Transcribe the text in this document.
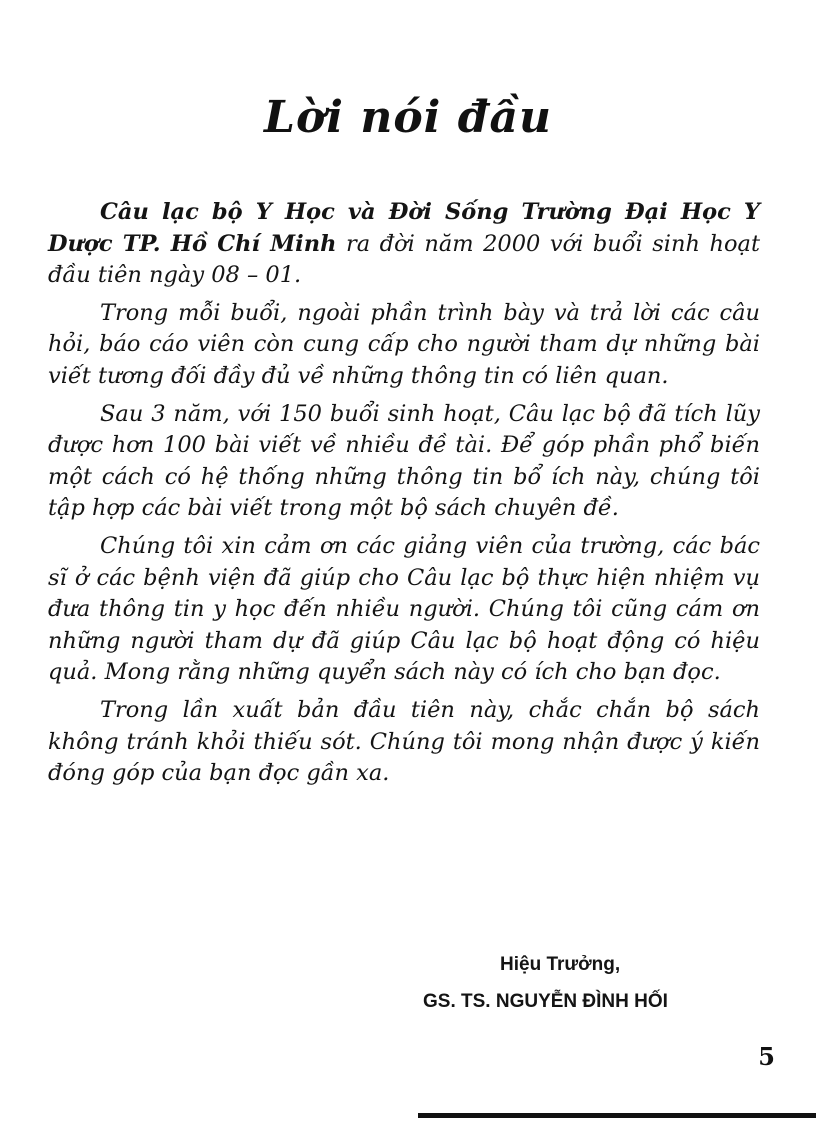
Lời nói đầu

Câu lạc bộ Y Học và Đời Sống Trường Đại Học Y Dược TP. Hồ Chí Minh ra đời năm 2000 với buổi sinh hoạt đầu tiên ngày 08 – 01.

Trong mỗi buổi, ngoài phần trình bày và trả lời các câu hỏi, báo cáo viên còn cung cấp cho người tham dự những bài viết tương đối đầy đủ về những thông tin có liên quan.

Sau 3 năm, với 150 buổi sinh hoạt, Câu lạc bộ đã tích lũy được hơn 100 bài viết về nhiều đề tài. Để góp phần phổ biến một cách có hệ thống những thông tin bổ ích này, chúng tôi tập hợp các bài viết trong một bộ sách chuyên đề.

Chúng tôi xin cảm ơn các giảng viên của trường, các bác sĩ ở các bệnh viện đã giúp cho Câu lạc bộ thực hiện nhiệm vụ đưa thông tin y học đến nhiều người. Chúng tôi cũng cám ơn những người tham dự đã giúp Câu lạc bộ hoạt động có hiệu quả. Mong rằng những quyển sách này có ích cho bạn đọc.

Trong lần xuất bản đầu tiên này, chắc chắn bộ sách không tránh khỏi thiếu sót. Chúng tôi mong nhận được ý kiến đóng góp của bạn đọc gần xa.

Hiệu Trưởng,
GS. TS. NGUYỄN ĐÌNH HỐI
5
